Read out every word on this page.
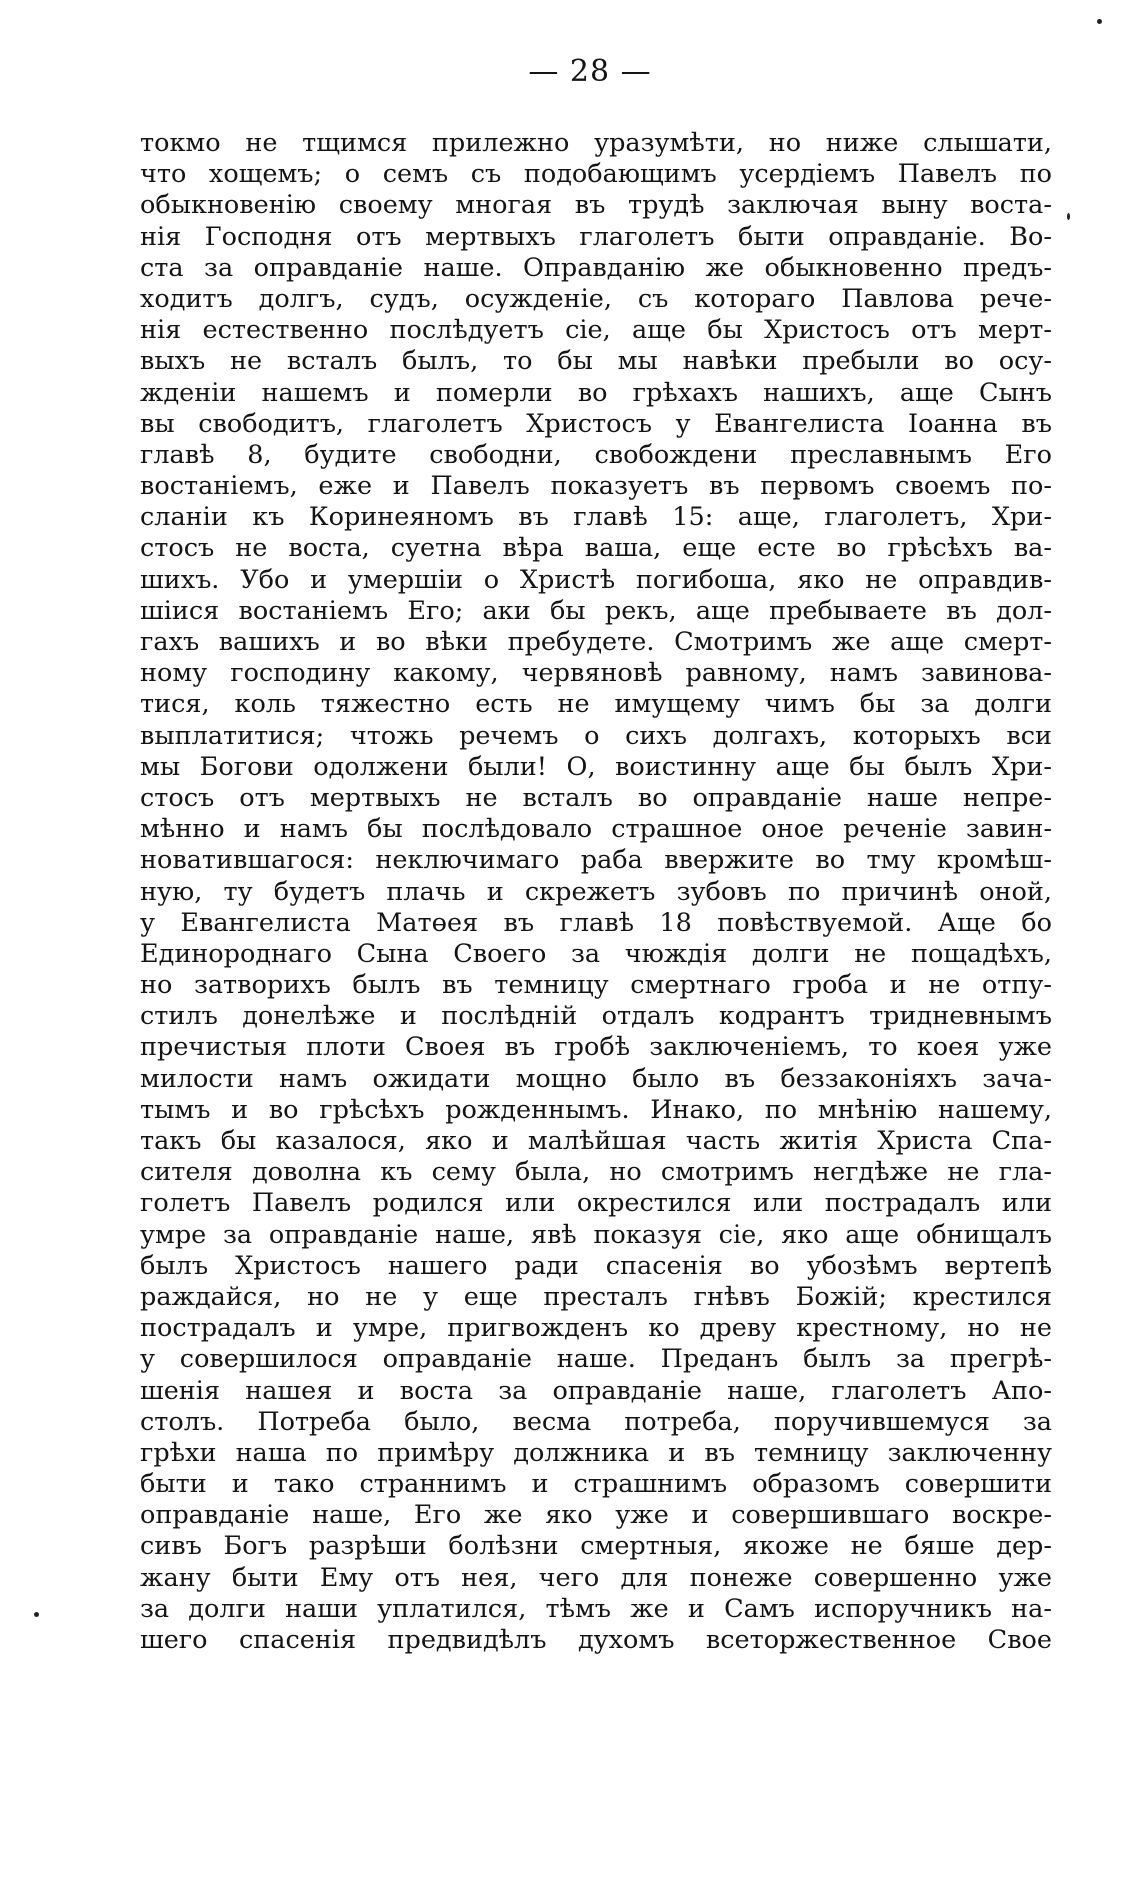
— 28 —
токмо не тщимся прилежно уразумѣти, но ниже слышати,
что хощемъ; о семъ съ подобающимъ усердіемъ Павелъ по
обыкновенію своему многая въ трудѣ заключая вынy воста-
нія Господня отъ мертвыхъ глаголетъ быти оправданіе. Во-
ста за оправданіе наше. Оправданію же обыкновенно предъ-
ходитъ долгъ, судъ, осужденіе, съ котораго Павлова рече-
нія естественно послѣдуетъ сіе, аще бы Христосъ отъ мерт-
выхъ не всталъ былъ, то бы мы навѣки пребыли во осу-
жденіи нашемъ и померли во грѣхахъ нашихъ, аще Сынъ
вы свободитъ, глаголетъ Христосъ у Евангелиста Іоанна въ
главѣ 8, будите свободни, свобождени преславнымъ Его
востаніемъ, еже и Павелъ показуетъ въ первомъ своемъ по-
сланіи къ Коринеяномъ въ главѣ 15: аще, глаголетъ, Хри-
стосъ не воста, суетна вѣра ваша, еще есте во грѣсѣхъ ва-
шихъ. Убо и умершіи о Христѣ погибоша, яко не оправдив-
шіися востаніемъ Его; аки бы рекъ, аще пребываете въ дол-
гахъ вашихъ и во вѣки пребудете. Смотримъ же аще смерт-
ному господину какому, червяновѣ равному, намъ завинова-
тися, коль тяжестно есть не имущему чимъ бы за долги
выплатитися; чтожь речемъ о сихъ долгахъ, которыхъ вси
мы Богови одолжени были! О, воистинну аще бы былъ Хри-
стосъ отъ мертвыхъ не всталъ во оправданіе наше непре-
мѣнно и намъ бы послѣдовало страшное оное реченіе завин-
новатившагося: неключимаго раба ввержите во тму кромѣш-
ную, ту будетъ плачь и скрежетъ зубовъ по причинѣ оной,
у Евангелиста Матөея въ главѣ 18 повѣствуемой. Аще бо
Единороднаго Сына Своего за чюждія долги не пощадѣхъ,
но затворихъ былъ въ темницу смертнаго гроба и не отпу-
стилъ донелѣже и послѣдній отдалъ кодрантъ тридневнымъ
пречистыя плоти Своея въ гробѣ заключеніемъ, то коея уже
милости намъ ожидати мощно было въ беззаконіяхъ зача-
тымъ и во грѣсѣхъ рожденнымъ. Инако, по мнѣнію нашему,
такъ бы казалося, яко и малѣйшая часть житія Христа Спа-
сителя доволна къ сему была, но смотримъ негдѣже не гла-
голетъ Павелъ родился или окрестился или пострадалъ или
умре за оправданіе наше, явѣ показуя сіе, яко аще обнищалъ
былъ Христосъ нашего ради спасенія во убозѣмъ вертепѣ
раждайся, но не у еще престалъ гнѣвъ Божій; крестился
пострадалъ и умре, пригвожденъ ко древу крестному, но не
у совершилося оправданіе наше. Преданъ былъ за прегрѣ-
шенія нашея и воста за оправданіе наше, глаголетъ Апо-
столъ. Потреба было, весма потреба, поручившемуся за
грѣхи наша по примѣру должника и въ темницу заключенну
быти и тако страннимъ и страшнимъ образомъ совершити
оправданіе наше, Его же яко уже и совершившаго воскре-
сивъ Богъ разрѣши болѣзни смертныя, якоже не бяше дер-
жану быти Ему отъ нея, чего для понеже совершенно уже
за долги наши уплатился, тѣмъ же и Самъ испоручникъ на-
шего спасенія предвидѣлъ духомъ всеторжественное Свое
